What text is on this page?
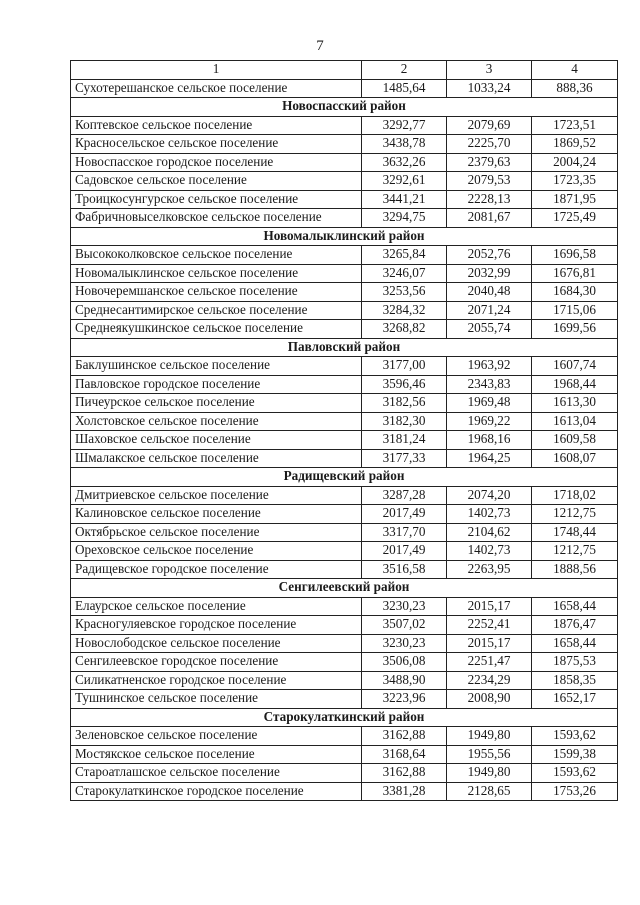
7
1	2	3	4
Сухотерешанское сельское поселение	1485,64	1033,24	888,36
Новоспасский район			
Коптевское сельское поселение	3292,77	2079,69	1723,51
Красносельское сельское поселение	3438,78	2225,70	1869,52
Новоспасское городское поселение	3632,26	2379,63	2004,24
Садовское сельское поселение	3292,61	2079,53	1723,35
Троицкосунгурское сельское поселение	3441,21	2228,13	1871,95
Фабричновыселковское сельское поселение	3294,75	2081,67	1725,49
Новомалыклинский район			
Высококолковское сельское поселение	3265,84	2052,76	1696,58
Новомалыклинское сельское поселение	3246,07	2032,99	1676,81
Новочеремшанское сельское поселение	3253,56	2040,48	1684,30
Среднесантимирское сельское поселение	3284,32	2071,24	1715,06
Среднеякушкинское сельское поселение	3268,82	2055,74	1699,56
Павловский район			
Баклушинское сельское поселение	3177,00	1963,92	1607,74
Павловское городское поселение	3596,46	2343,83	1968,44
Пичеурское сельское поселение	3182,56	1969,48	1613,30
Холстовское сельское поселение	3182,30	1969,22	1613,04
Шаховское сельское поселение	3181,24	1968,16	1609,58
Шмалакское сельское поселение	3177,33	1964,25	1608,07
Радищевский район			
Дмитриевское сельское поселение	3287,28	2074,20	1718,02
Калиновское сельское поселение	2017,49	1402,73	1212,75
Октябрьское сельское поселение	3317,70	2104,62	1748,44
Ореховское сельское поселение	2017,49	1402,73	1212,75
Радищевское городское поселение	3516,58	2263,95	1888,56
Сенгилеевский район			
Елаурское сельское поселение	3230,23	2015,17	1658,44
Красногуляевское городское поселение	3507,02	2252,41	1876,47
Новослободское сельское поселение	3230,23	2015,17	1658,44
Сенгилеевское городское поселение	3506,08	2251,47	1875,53
Силикатненское городское поселение	3488,90	2234,29	1858,35
Тушнинское сельское поселение	3223,96	2008,90	1652,17
Старокулаткинский район			
Зеленовское сельское поселение	3162,88	1949,80	1593,62
Мостякское сельское поселение	3168,64	1955,56	1599,38
Староатлашское сельское поселение	3162,88	1949,80	1593,62
Старокулаткинское городское поселение	3381,28	2128,65	1753,26
